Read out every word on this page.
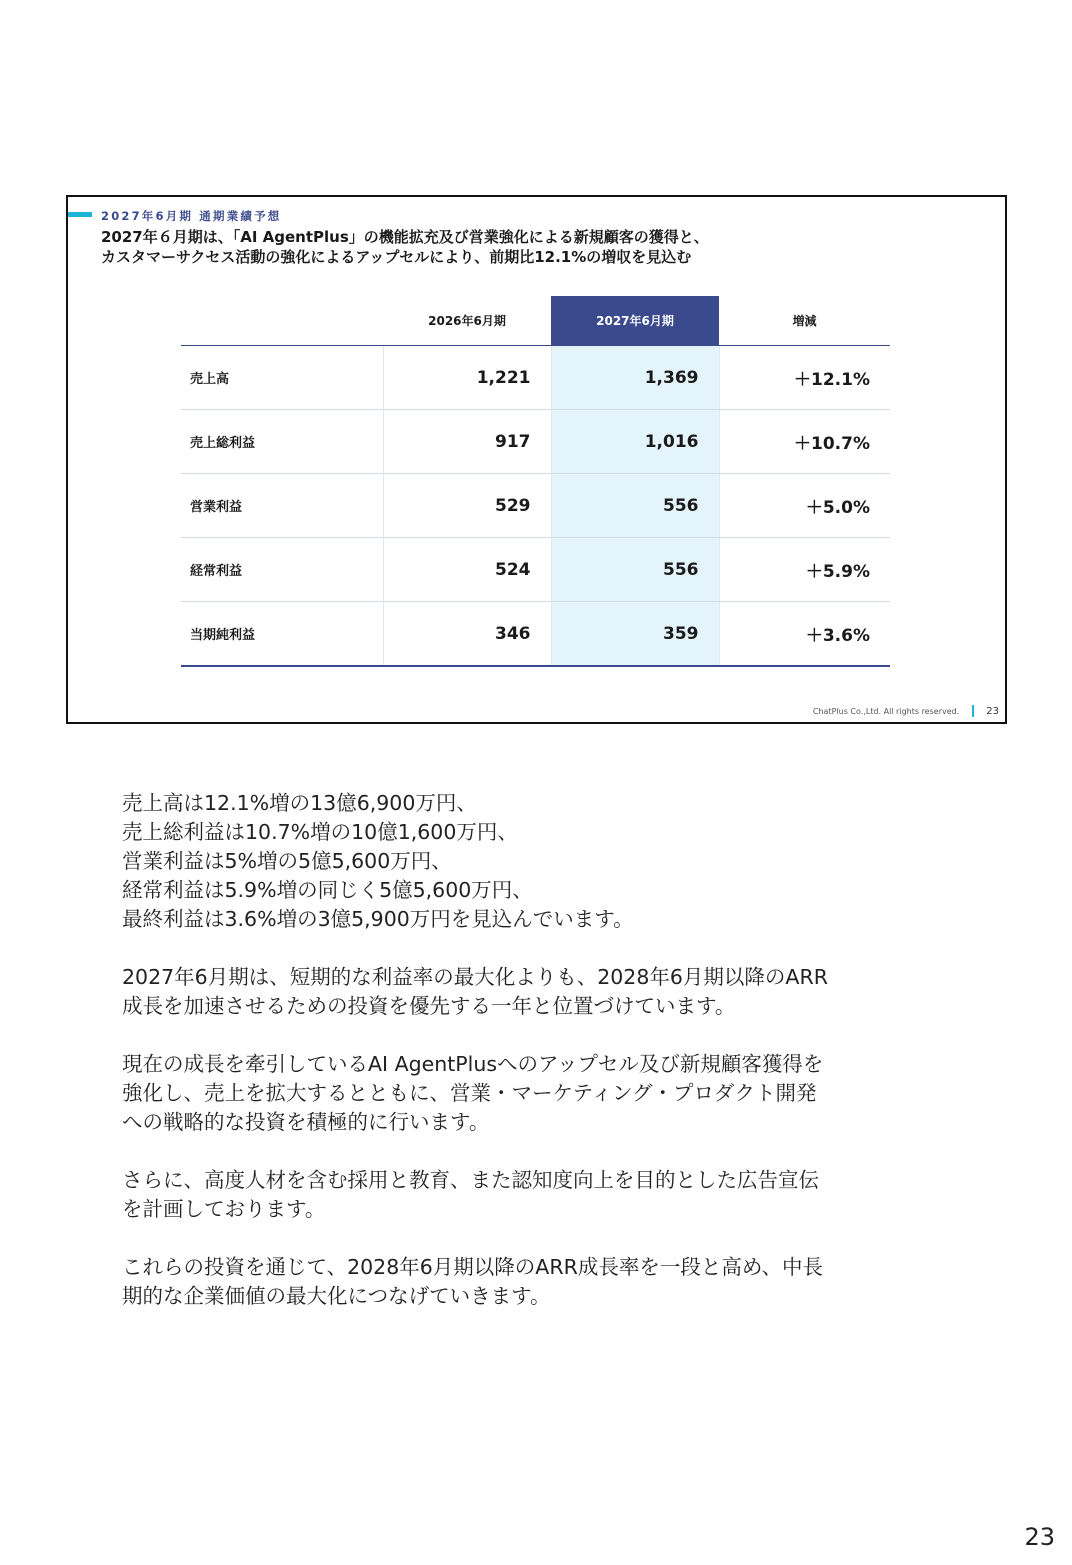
2027年6月期 通期業績予想
2027年６月期は、「AI AgentPlus」の機能拡充及び営業強化による新規顧客の獲得と、
カスタマーサクセス活動の強化によるアップセルにより、前期比12.1%の増収を見込む
	2026年6月期	2027年6月期	増減
売上高	1,221	1,369	＋12.1%
売上総利益	917	1,016	＋10.7%
営業利益	529	556	＋5.0%
経常利益	524	556	＋5.9%
当期純利益	346	359	＋3.6%
ChatPlus Co.,Ltd. All rights reserved.	23

売上高は12.1%増の13億6,900万円、
売上総利益は10.7%増の10億1,600万円、
営業利益は5%増の5億5,600万円、
経常利益は5.9%増の同じく5億5,600万円、
最終利益は3.6%増の3億5,900万円を見込んでいます。

2027年6月期は、短期的な利益率の最大化よりも、2028年6月期以降のARR
成長を加速させるための投資を優先する一年と位置づけています。

現在の成長を牽引しているAI AgentPlusへのアップセル及び新規顧客獲得を
強化し、売上を拡大するとともに、営業・マーケティング・プロダクト開発
への戦略的な投資を積極的に行います。

さらに、高度人材を含む採用と教育、また認知度向上を目的とした広告宣伝
を計画しております。

これらの投資を通じて、2028年6月期以降のARR成長率を一段と高め、中長
期的な企業価値の最大化につなげていきます。

23
